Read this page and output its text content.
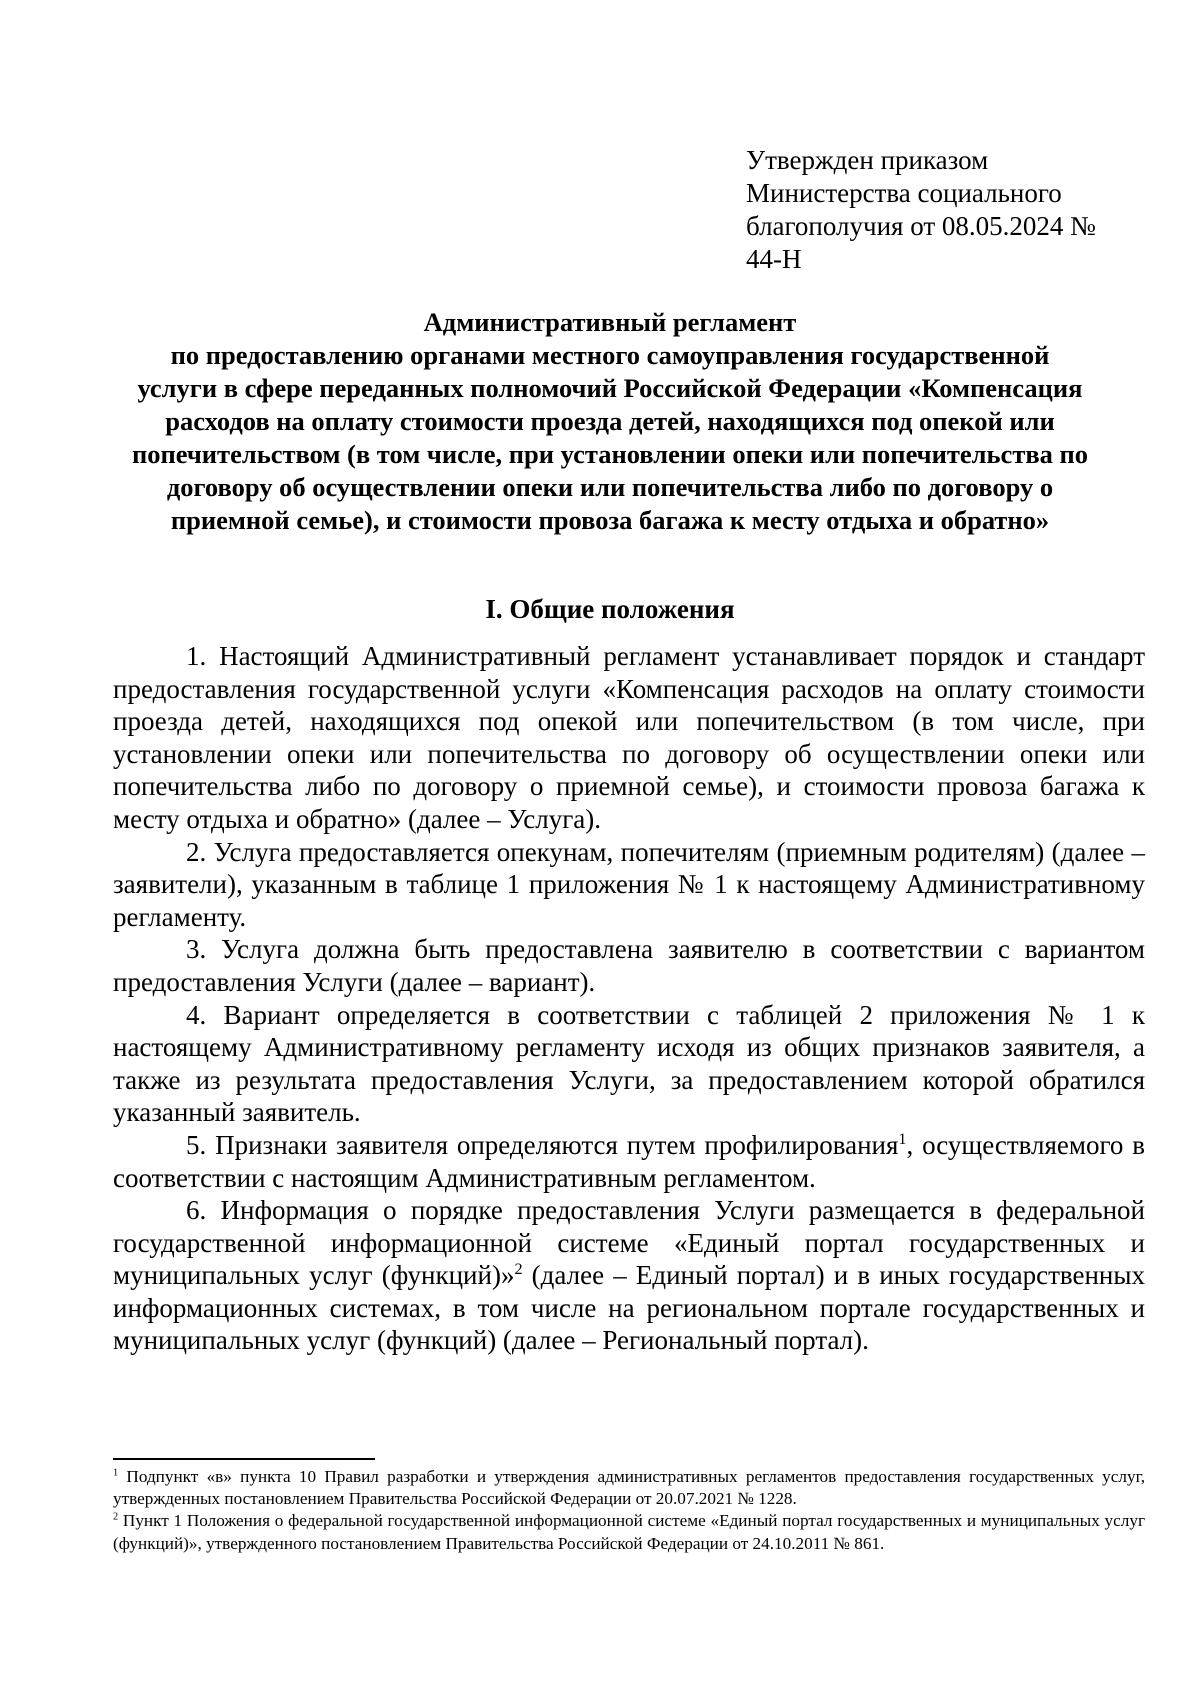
Утвержден приказом
Министерства социального
благополучия от 08.05.2024 №
44-Н
Административный регламент
по предоставлению органами местного самоуправления государственной
услуги в сфере переданных полномочий Российской Федерации «Компенсация
расходов на оплату стоимости проезда детей, находящихся под опекой или
попечительством (в том числе, при установлении опеки или попечительства по
договору об осуществлении опеки или попечительства либо по договору о
приемной семье), и стоимости провоза багажа к месту отдыха и обратно»
I. Общие положения

1. Настоящий Административный регламент устанавливает порядок и стандарт предоставления государственной услуги «Компенсация расходов на оплату стоимости проезда детей, находящихся под опекой или попечительством (в том числе, при установлении опеки или попечительства по договору об осуществлении опеки или попечительства либо по договору о приемной семье), и стоимости провоза багажа к месту отдыха и обратно» (далее – Услуга).

2. Услуга предоставляется опекунам, попечителям (приемным родителям) (далее – заявители), указанным в таблице 1 приложения № 1 к настоящему Административному регламенту.

3. Услуга должна быть предоставлена заявителю в соответствии с вариантом предоставления Услуги (далее – вариант).

4. Вариант определяется в соответствии с таблицей 2 приложения № 1 к настоящему Административному регламенту исходя из общих признаков заявителя, а также из результата предоставления Услуги, за предоставлением которой обратился указанный заявитель.

5. Признаки заявителя определяются путем профилирования$^1$, осуществляемого в соответствии с настоящим Административным регламентом.

6. Информация о порядке предоставления Услуги размещается в федеральной государственной информационной системе «Единый портал государственных и муниципальных услуг (функций)»$^2$ (далее – Единый портал) и в иных государственных информационных системах, в том числе на региональном портале государственных и муниципальных услуг (функций) (далее – Региональный портал).

$^1$ Подпункт «в» пункта 10 Правил разработки и утверждения административных регламентов предоставления государственных услуг, утвержденных постановлением Правительства Российской Федерации от 20.07.2021 № 1228.

$^2$ Пункт 1 Положения о федеральной государственной информационной системе «Единый портал государственных и муниципальных услуг (функций)», утвержденного постановлением Правительства Российской Федерации от 24.10.2011 № 861.
